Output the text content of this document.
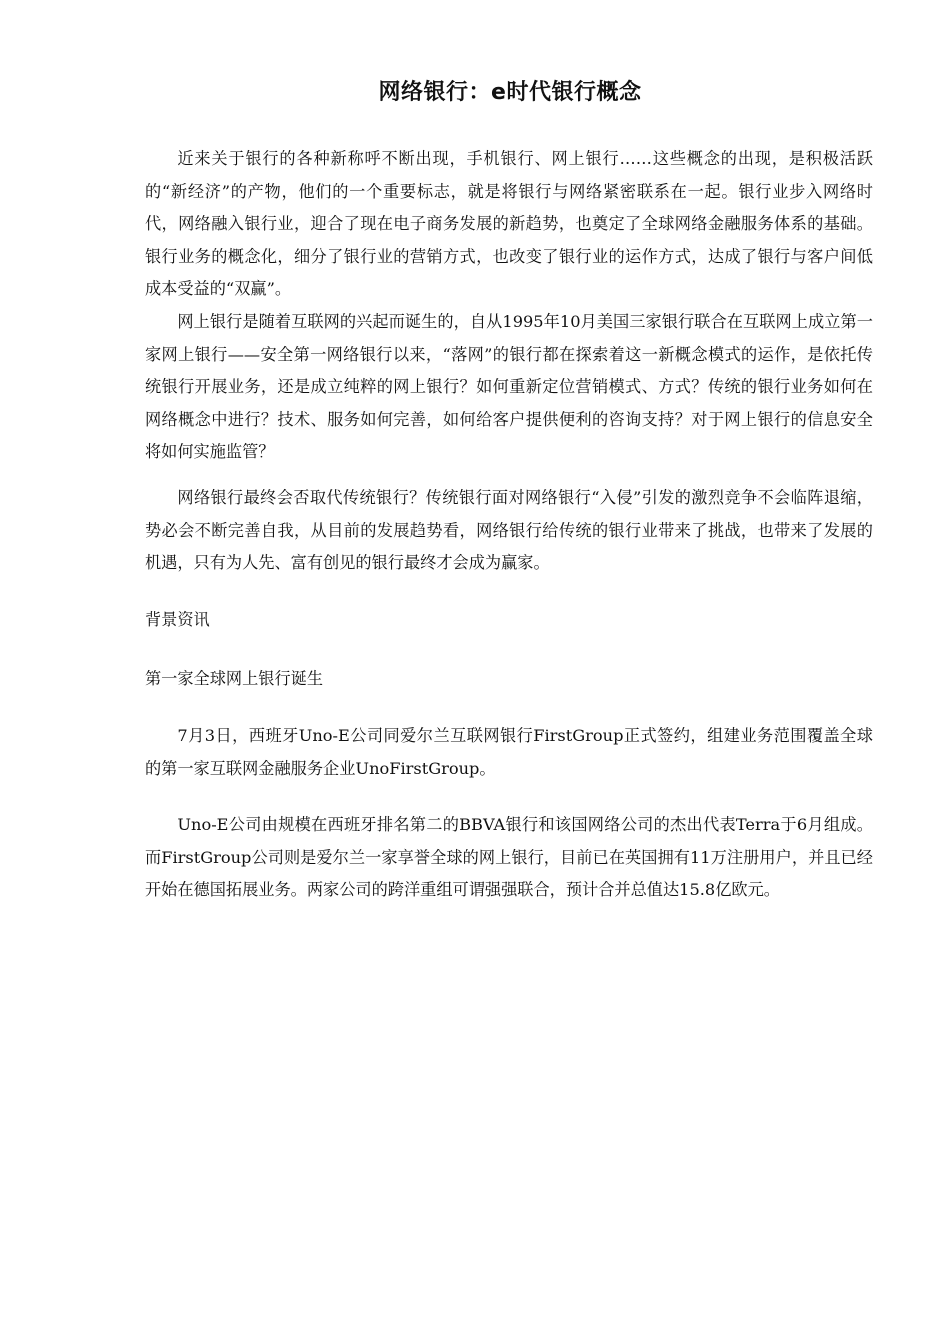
网络银行：e时代银行概念

近来关于银行的各种新称呼不断出现，手机银行、网上银行……这些概念的出现，是积极活跃的“新经济”的产物，他们的一个重要标志，就是将银行与网络紧密联系在一起。银行业步入网络时代，网络融入银行业，迎合了现在电子商务发展的新趋势，也奠定了全球网络金融服务体系的基础。银行业务的概念化，细分了银行业的营销方式，也改变了银行业的运作方式，达成了银行与客户间低成本受益的“双赢”。

网上银行是随着互联网的兴起而诞生的，自从1995年10月美国三家银行联合在互联网上成立第一家网上银行——安全第一网络银行以来，“落网”的银行都在探索着这一新概念模式的运作，是依托传统银行开展业务，还是成立纯粹的网上银行？如何重新定位营销模式、方式？传统的银行业务如何在网络概念中进行？技术、服务如何完善，如何给客户提供便利的咨询支持？对于网上银行的信息安全将如何实施监管？

网络银行最终会否取代传统银行？传统银行面对网络银行“入侵”引发的激烈竞争不会临阵退缩，势必会不断完善自我，从目前的发展趋势看，网络银行给传统的银行业带来了挑战，也带来了发展的机遇，只有为人先、富有创见的银行最终才会成为赢家。

背景资讯

第一家全球网上银行诞生

7月3日，西班牙Uno-E公司同爱尔兰互联网银行FirstGroup正式签约，组建业务范围覆盖全球的第一家互联网金融服务企业UnoFirstGroup。

Uno-E公司由规模在西班牙排名第二的BBVA银行和该国网络公司的杰出代表Terra于6月组成。而FirstGroup公司则是爱尔兰一家享誉全球的网上银行，目前已在英国拥有11万注册用户，并且已经开始在德国拓展业务。两家公司的跨洋重组可谓强强联合，预计合并总值达15.8亿欧元。
